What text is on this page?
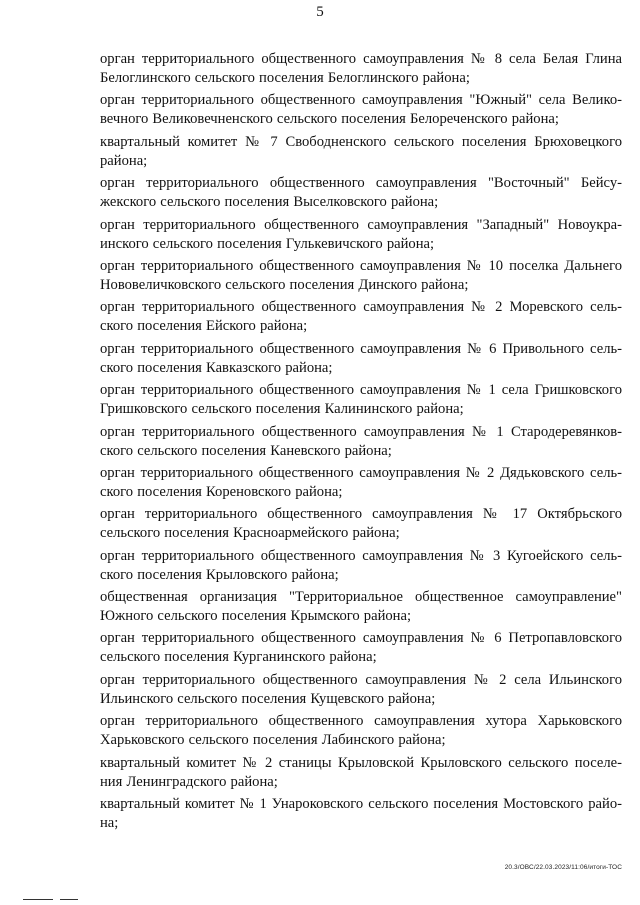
5
орган территориального общественного самоуправления № 8 села Белая Глина Белоглинского сельского поселения Белоглинского района;
орган территориального общественного самоуправления "Южный" села Велико- вечного Великовечненского сельского поселения Белореченского района;
квартальный комитет № 7 Свободненского сельского поселения Брюховецкого района;
орган территориального общественного самоуправления "Восточный" Бейсу- жекского сельского поселения Выселковского района;
орган территориального общественного самоуправления "Западный" Новоукра- инского сельского поселения Гулькевичского района;
орган территориального общественного самоуправления № 10 поселка Дальнего Нововеличковского сельского поселения Динского района;
орган территориального общественного самоуправления № 2 Моревского сель- ского поселения Ейского района;
орган территориального общественного самоуправления № 6 Привольного сель- ского поселения Кавказского района;
орган территориального общественного самоуправления № 1 села Гришковского Гришковского сельского поселения Калининского района;
орган территориального общественного самоуправления № 1 Стародеревянков- ского сельского поселения Каневского района;
орган территориального общественного самоуправления № 2 Дядьковского сель- ского поселения Кореновского района;
орган территориального общественного самоуправления № 17 Октябрьского сельского поселения Красноармейского района;
орган территориального общественного самоуправления № 3 Кугоейского сель- ского поселения Крыловского района;
общественная организация "Территориальное общественное самоуправление" Южного сельского поселения Крымского района;
орган территориального общественного самоуправления № 6 Петропавловского сельского поселения Курганинского района;
орган территориального общественного самоуправления № 2 села Ильинского Ильинского сельского поселения Кущевского района;
орган территориального общественного самоуправления хутора Харьковского Харьковского сельского поселения Лабинского района;
квартальный комитет № 2 станицы Крыловской Крыловского сельского поселе- ния Ленинградского района;
квартальный комитет № 1 Унароковского сельского поселения Мостовского райо- на;
20.3/ОВС/22.03.2023/11:06/итоги-ТОС
